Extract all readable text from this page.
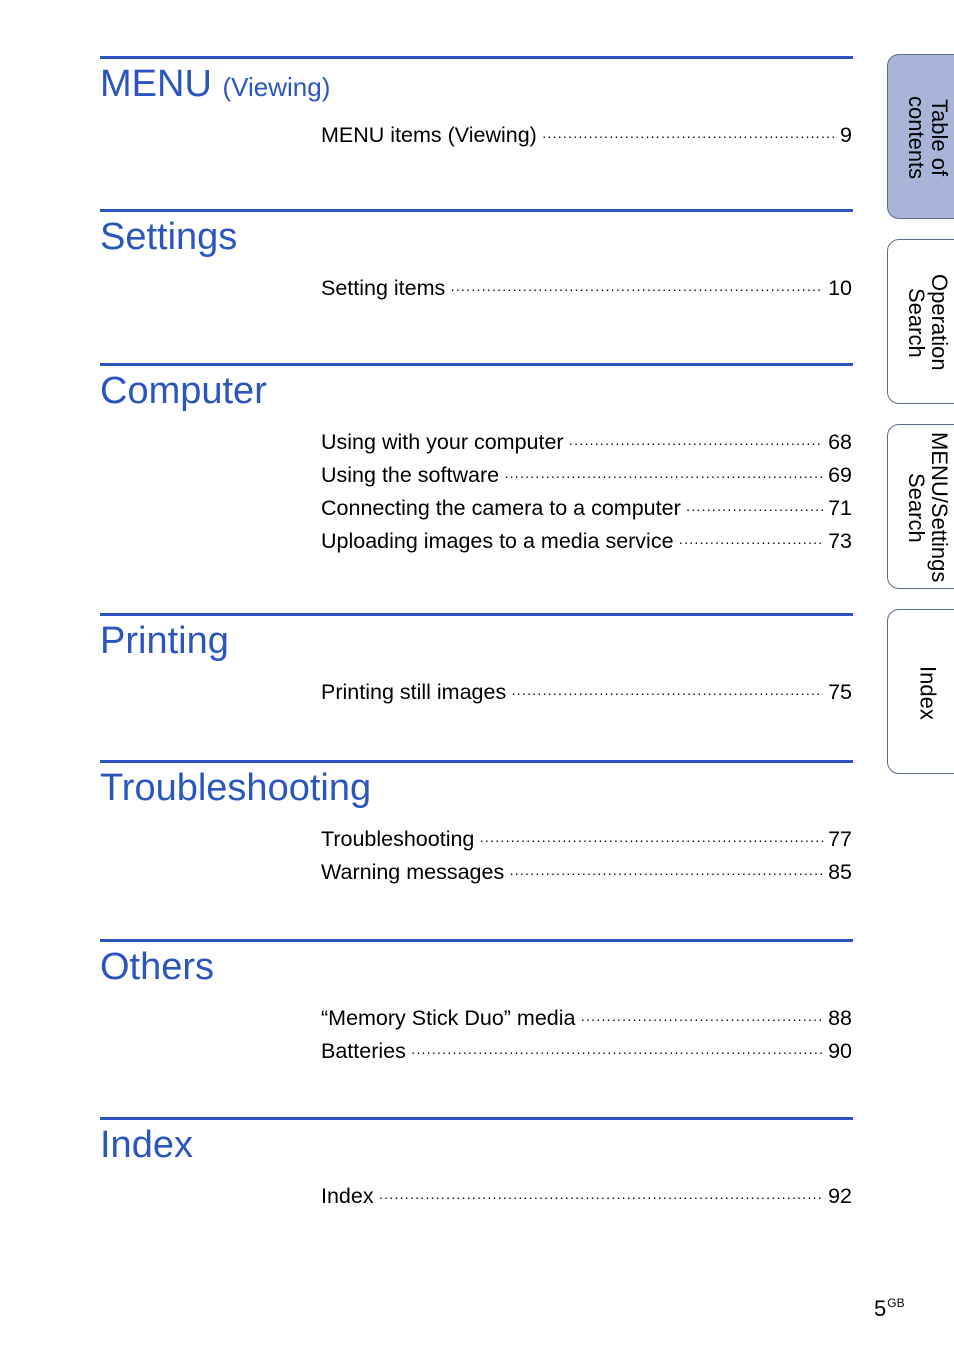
MENU (Viewing)
MENU items (Viewing) ·····	9
Settings
Setting items ·····	10
Computer
Using with your computer ·····	68
Using the software ·····	69
Connecting the camera to a computer ·····	71
Uploading images to a media service ·····	73
Printing
Printing still images ·····	75
Troubleshooting
Troubleshooting ·····	77
Warning messages ·····	85
Others
“Memory Stick Duo” media ·····	88
Batteries ·····	90
Index
Index ·····	92
Table of
contents
Operation
Search
MENU/Settings
Search
Index
$5^{GB}$
